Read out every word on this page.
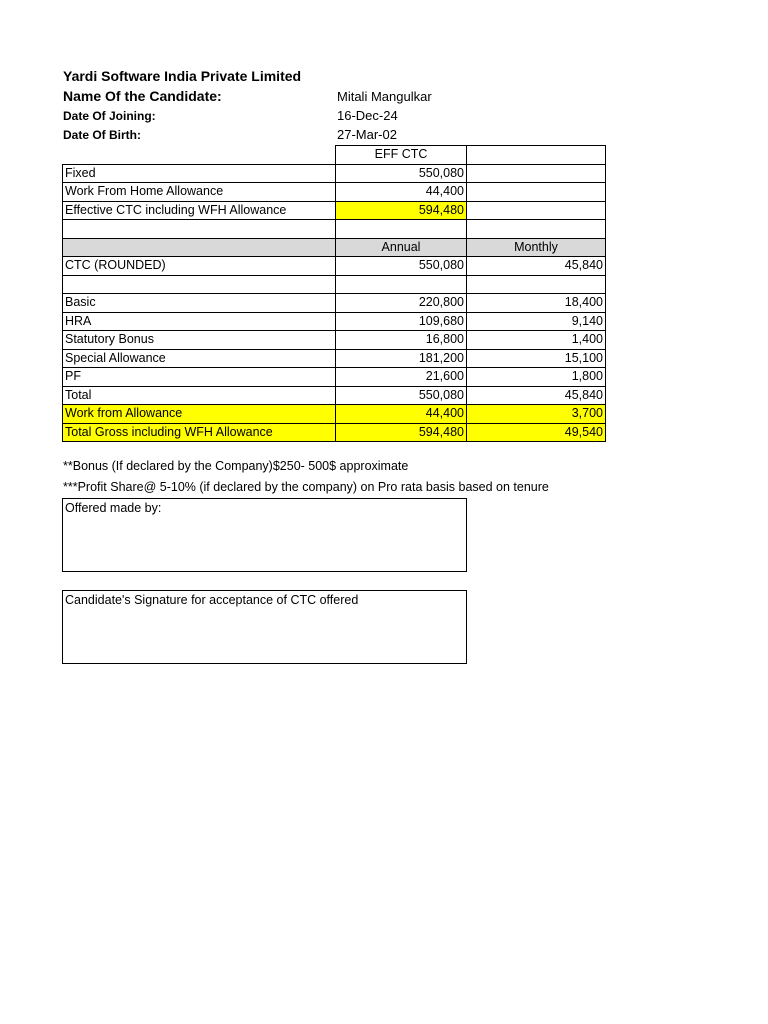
Yardi Software India Private Limited
Name Of the Candidate:	Mitali Mangulkar
Date Of Joining:	16-Dec-24
Date Of Birth:	27-Mar-02
	EFF CTC	
Fixed	550,080	
Work From Home Allowance	44,400	
Effective CTC including WFH Allowance	594,480	

	Annual	Monthly
CTC (ROUNDED)	550,080	45,840

Basic	220,800	18,400
HRA	109,680	9,140
Statutory Bonus	16,800	1,400
Special Allowance	181,200	15,100
PF	21,600	1,800
Total	550,080	45,840
Work from Allowance	44,400	3,700
Total Gross including WFH Allowance	594,480	49,540
**Bonus (If declared by the Company)$250- 500$ approximate
***Profit Share@ 5-10% (if declared by the company) on Pro rata basis based on tenure
Offered made by:
Candidate's Signature for acceptance of CTC offered
